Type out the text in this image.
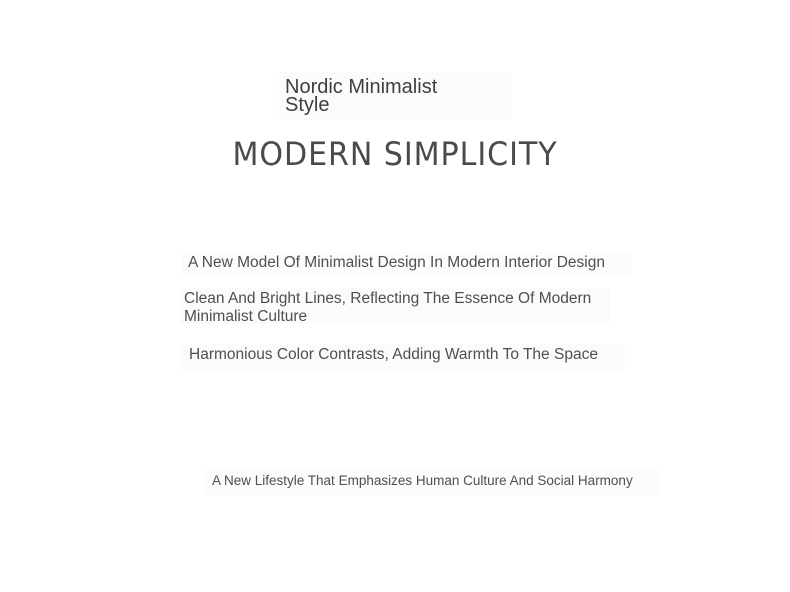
Nordic Minimalist Style

MODERN SIMPLICITY

A New Model Of Minimalist Design In Modern Interior Design

Clean And Bright Lines, Reflecting The Essence Of Modern Minimalist Culture

Harmonious Color Contrasts, Adding Warmth To The Space

A New Lifestyle That Emphasizes Human Culture And Social Harmony
